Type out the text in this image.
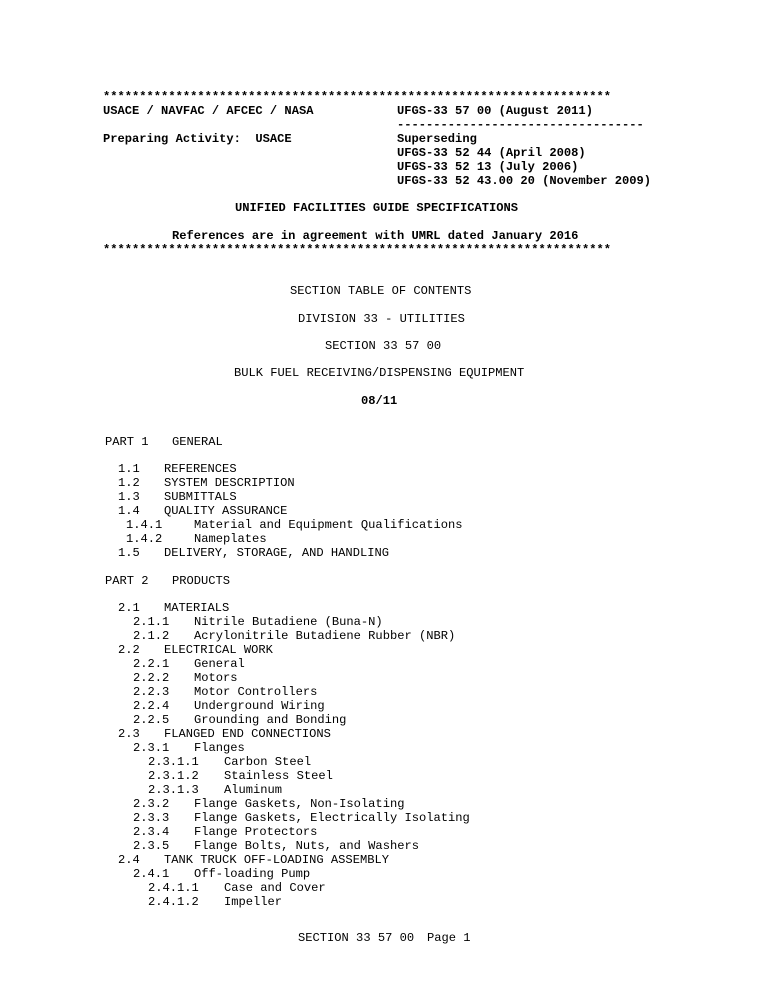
**********************************************************************
USACE / NAVFAC / AFCEC / NASA	UFGS-33 57 00 (August 2011)
----------------------------------
Preparing Activity:  USACE	Superseding
UFGS-33 52 44 (April 2008)
UFGS-33 52 13 (July 2006)
UFGS-33 52 43.00 20 (November 2009)
UNIFIED FACILITIES GUIDE SPECIFICATIONS
References are in agreement with UMRL dated January 2016
**********************************************************************
SECTION TABLE OF CONTENTS
DIVISION 33 - UTILITIES
SECTION 33 57 00
BULK FUEL RECEIVING/DISPENSING EQUIPMENT
08/11
PART 1 GENERAL
1.1 REFERENCES
1.2 SYSTEM DESCRIPTION
1.3 SUBMITTALS
1.4 QUALITY ASSURANCE
1.4.1	Material and Equipment Qualifications
1.4.2	Nameplates
1.5 DELIVERY, STORAGE, AND HANDLING
PART 2 PRODUCTS
2.1 MATERIALS
2.1.1 Nitrile Butadiene (Buna-N)
2.1.2 Acrylonitrile Butadiene Rubber (NBR)
2.2 ELECTRICAL WORK
2.2.1 General
2.2.2 Motors
2.2.3 Motor Controllers
2.2.4 Underground Wiring
2.2.5 Grounding and Bonding
2.3 FLANGED END CONNECTIONS
2.3.1 Flanges
2.3.1.1 Carbon Steel
2.3.1.2 Stainless Steel
2.3.1.3 Aluminum
2.3.2 Flange Gaskets, Non-Isolating
2.3.3 Flange Gaskets, Electrically Isolating
2.3.4 Flange Protectors
2.3.5 Flange Bolts, Nuts, and Washers
2.4 TANK TRUCK OFF-LOADING ASSEMBLY
2.4.1 Off-loading Pump
2.4.1.1 Case and Cover
2.4.1.2 Impeller
SECTION 33 57 00 Page 1
